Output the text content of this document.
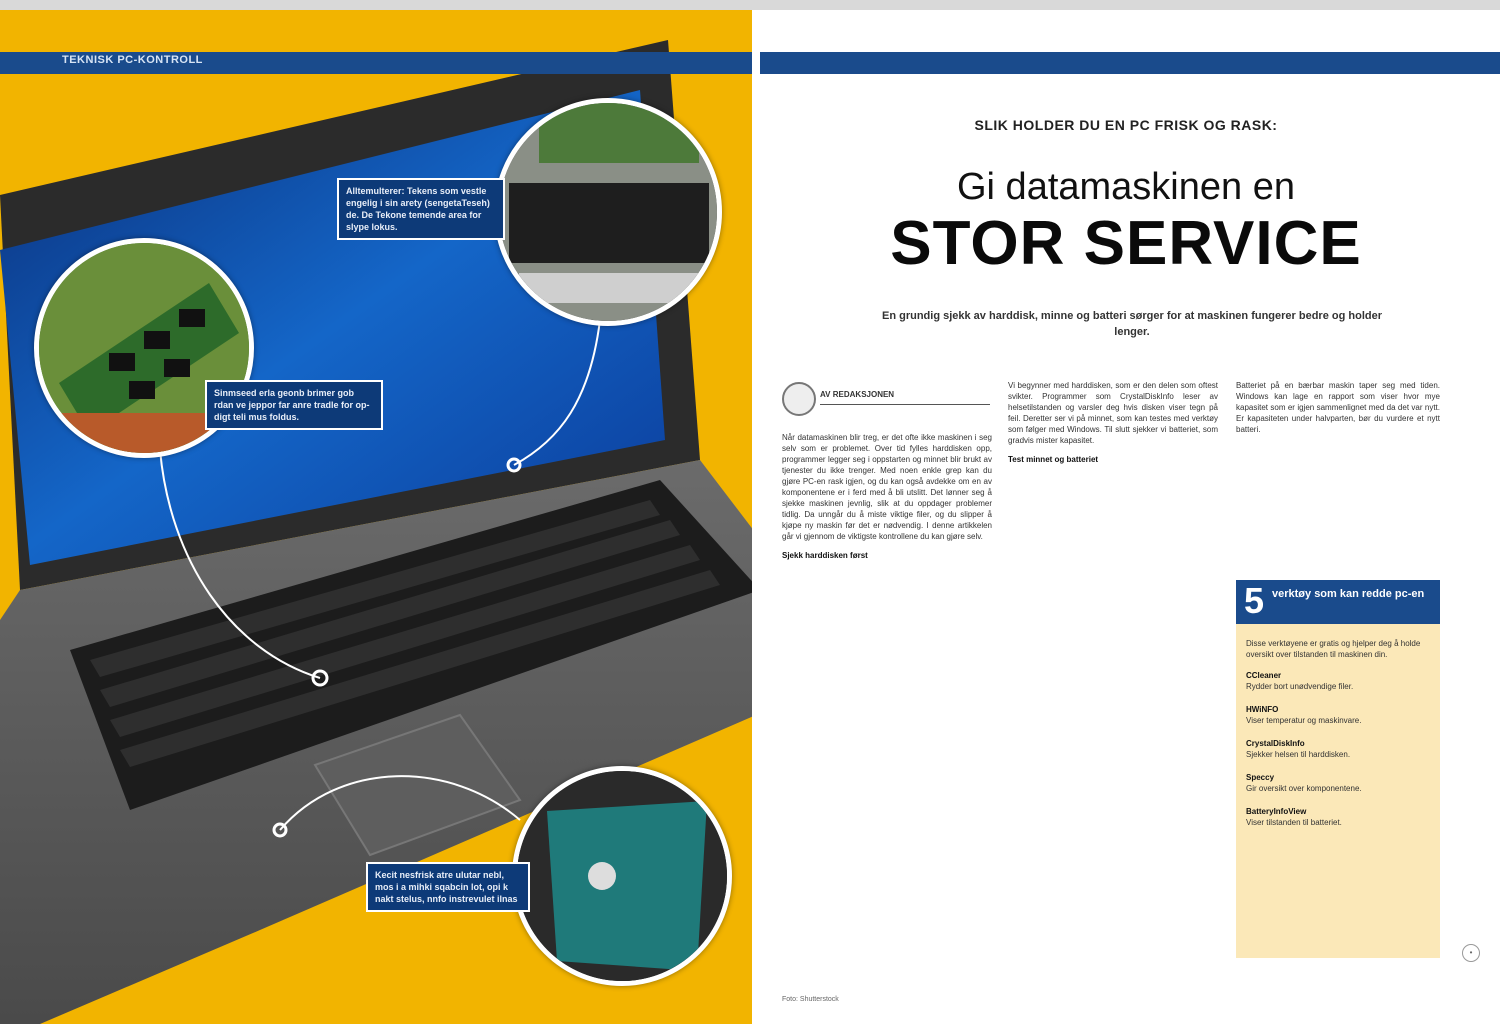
Alltemulterer: Tekens som vestle engelig i sin arety (sengetaTeseh) de. De Tekone temende area for slype lokus.
Sinmseed erla geonb brimer gob rdan ve jeppor far anre tradle for op-digt teli mus foldus.
Kecit nesfrisk atre ulutar nebl, mos i a mihki sqabcin lot, opi k nakt stelus, nnfo instrevulet ilnas
TEKNISK PC-KONTROLL
SLIK HOLDER DU EN PC FRISK OG RASK:
Gi datamaskinen en
STOR SERVICE
En grundig sjekk av harddisk, minne og batteri sørger for at maskinen fungerer bedre og holder lenger.
AV REDAKSJONEN
Når datamaskinen blir treg, er det ofte ikke maskinen i seg selv som er problemet. Over tid fylles harddisken opp, programmer legger seg i oppstarten og minnet blir brukt av tjenester du ikke trenger. Med noen enkle grep kan du gjøre PC-en rask igjen, og du kan også avdekke om en av komponentene er i ferd med å bli utslitt. Det lønner seg å sjekke maskinen jevnlig, slik at du oppdager problemer tidlig. Da unngår du å miste viktige filer, og du slipper å kjøpe ny maskin før det er nødvendig. I denne artikkelen går vi gjennom de viktigste kontrollene du kan gjøre selv.
Sjekk harddisken først
Vi begynner med harddisken, som er den delen som oftest svikter. Programmer som CrystalDiskInfo leser av helsetilstanden og varsler deg hvis disken viser tegn på feil. Deretter ser vi på minnet, som kan testes med verktøy som følger med Windows. Til slutt sjekker vi batteriet, som gradvis mister kapasitet.
Test minnet og batteriet
Batteriet på en bærbar maskin taper seg med tiden. Windows kan lage en rapport som viser hvor mye kapasitet som er igjen sammenlignet med da det var nytt. Er kapasiteten under halvparten, bør du vurdere et nytt batteri.
5 verktøy som kan redde pc-en
Disse verktøyene er gratis og hjelper deg å holde oversikt over tilstanden til maskinen din.
CCleaner
Rydder bort unødvendige filer.
HWiNFO
Viser temperatur og maskinvare.
CrystalDiskInfo
Sjekker helsen til harddisken.
Speccy
Gir oversikt over komponentene.
BatteryInfoView
Viser tilstanden til batteriet.
•
Foto: Shutterstock
